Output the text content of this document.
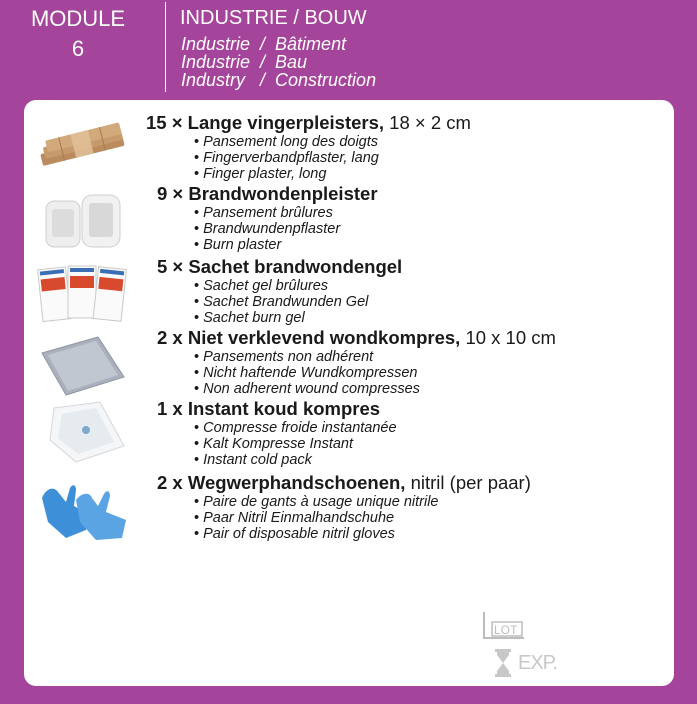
MODULE
6
INDUSTRIE / BOUW
Industrie  /  Bâtiment
Industrie  /  Bau
Industry   /  Construction
15 × Lange vingerpleisters, 18 × 2 cm
• Pansement long des doigts
• Fingerverbandpflaster, lang
• Finger plaster, long
9 × Brandwondenpleister
• Pansement brûlures
• Brandwundenpflaster
• Burn plaster
5 × Sachet brandwondengel
• Sachet gel brûlures
• Sachet Brandwunden Gel
• Sachet burn gel
2 x Niet verklevend wondkompres, 10 x 10 cm
• Pansements non adhérent
• Nicht haftende Wundkompressen
• Non adherent wound compresses
1 x Instant koud kompres
• Compresse froide instantanée
• Kalt Kompresse Instant
• Instant cold pack
2 x Wegwerphandschoenen, nitril (per paar)
• Paire de gants à usage unique nitrile
• Paar Nitril Einmalhandschuhe
• Pair of disposable nitril gloves
LOT
EXP.
